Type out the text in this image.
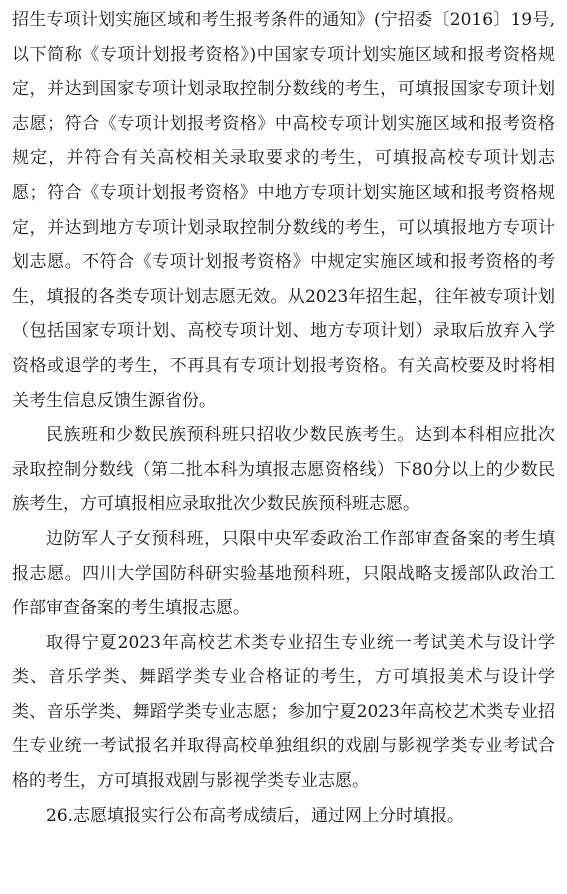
招生专项计划实施区域和考生报考条件的通知》(宁招委〔2016〕19号,以下简称《专项计划报考资格》)中国家专项计划实施区域和报考资格规定，并达到国家专项计划录取控制分数线的考生，可填报国家专项计划志愿；符合《专项计划报考资格》中高校专项计划实施区域和报考资格规定，并符合有关高校相关录取要求的考生，可填报高校专项计划志愿；符合《专项计划报考资格》中地方专项计划实施区域和报考资格规定，并达到地方专项计划录取控制分数线的考生，可以填报地方专项计划志愿。不符合《专项计划报考资格》中规定实施区域和报考资格的考生，填报的各类专项计划志愿无效。从2023年招生起，往年被专项计划（包括国家专项计划、高校专项计划、地方专项计划）录取后放弃入学资格或退学的考生，不再具有专项计划报考资格。有关高校要及时将相关考生信息反馈生源省份。

民族班和少数民族预科班只招收少数民族考生。达到本科相应批次录取控制分数线（第二批本科为填报志愿资格线）下80分以上的少数民族考生，方可填报相应录取批次少数民族预科班志愿。

边防军人子女预科班，只限中央军委政治工作部审查备案的考生填报志愿。四川大学国防科研实验基地预科班，只限战略支援部队政治工作部审查备案的考生填报志愿。

取得宁夏2023年高校艺术类专业招生专业统一考试美术与设计学类、音乐学类、舞蹈学类专业合格证的考生，方可填报美术与设计学类、音乐学类、舞蹈学类专业志愿；参加宁夏2023年高校艺术类专业招生专业统一考试报名并取得高校单独组织的戏剧与影视学类专业考试合格的考生，方可填报戏剧与影视学类专业志愿。

26.志愿填报实行公布高考成绩后，通过网上分时填报。
